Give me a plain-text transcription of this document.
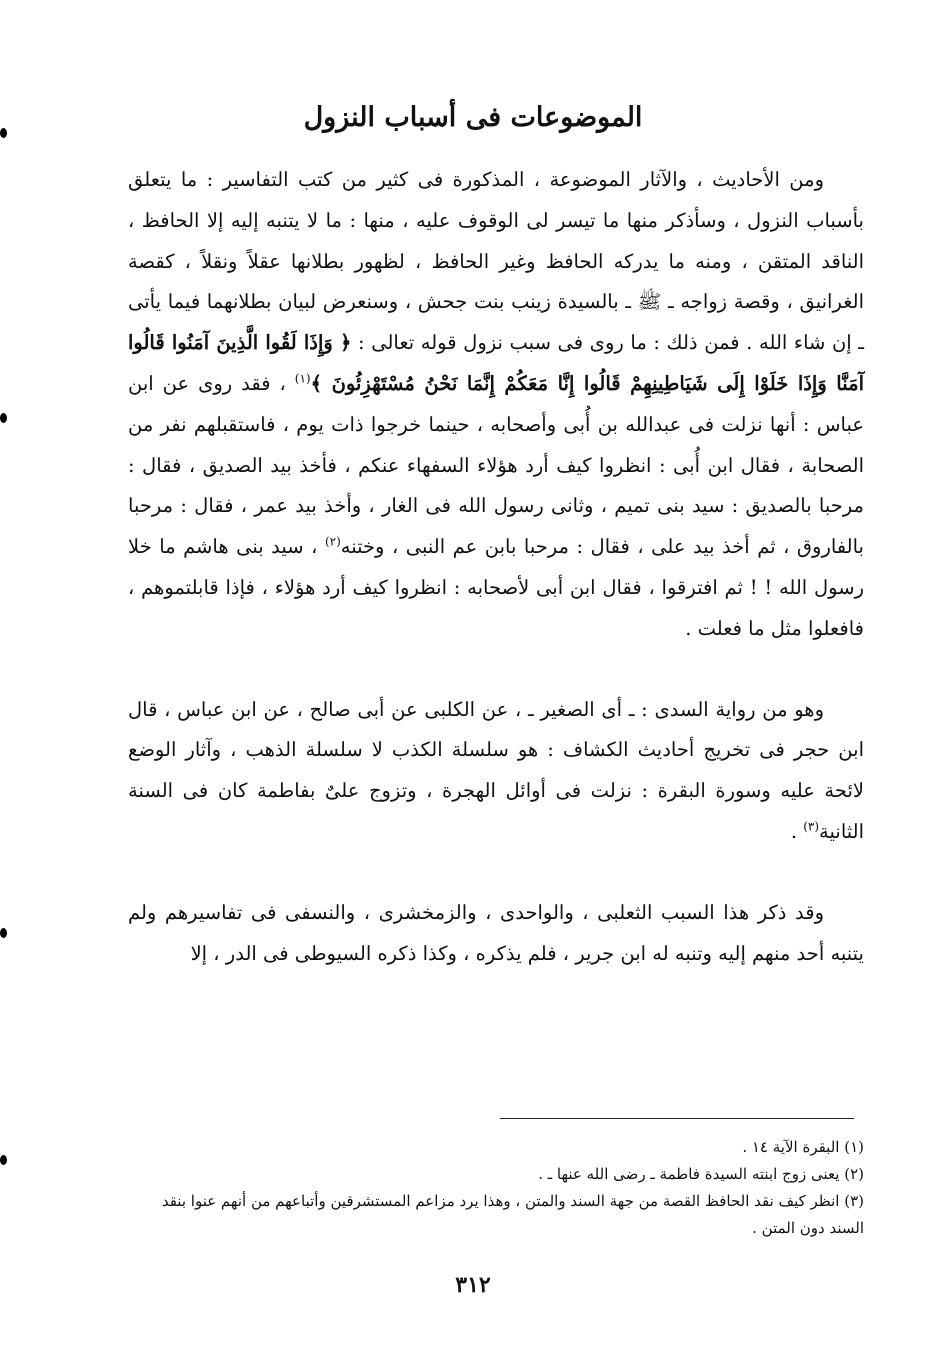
الموضوعات فى أسباب النزول

ومن الأحاديث ، والآثار الموضوعة ، المذكورة فى كثير من كتب التفاسير : ما يتعلق بأسباب النزول ، وسأذكر منها ما تيسر لى الوقوف عليه ، منها : ما لا يتنبه إليه إلا الحافظ ، الناقد المتقن ، ومنه ما يدركه الحافظ وغير الحافظ ، لظهور بطلانها عقلاً ونقلاً ، كقصة الغرانيق ، وقصة زواجه ـ ﷺ ـ بالسيدة زينب بنت جحش ، وسنعرض لبيان بطلانهما فيما يأتى ـ إن شاء الله . فمن ذلك : ما روى فى سبب نزول قوله تعالى : ﴿ وَإِذَا لَقُوا الَّذِينَ آمَنُوا قَالُوا آمَنَّا وَإِذَا خَلَوْا إِلَى شَيَاطِينِهِمْ قَالُوا إِنَّا مَعَكُمْ إِنَّمَا نَحْنُ مُسْتَهْزِئُونَ ﴾$^{(١)}$ ، فقد روى عن ابن عباس : أنها نزلت فى عبدالله بن أُبى وأصحابه ، حينما خرجوا ذات يوم ، فاستقبلهم نفر من الصحابة ، فقال ابن أُبى : انظروا كيف أرد هؤلاء السفهاء عنكم ، فأخذ بيد الصديق ، فقال : مرحبا بالصديق : سيد بنى تميم ، وثانى رسول الله فى الغار ، وأخذ بيد عمر ، فقال : مرحبا بالفاروق ، ثم أخذ بيد على ، فقال : مرحبا بابن عم النبى ، وختنه$^{(٢)}$ ، سيد بنى هاشم ما خلا رسول الله ! ! ثم افترقوا ، فقال ابن أبى لأصحابه : انظروا كيف أرد هؤلاء ، فإذا قابلتموهم ، فافعلوا مثل ما فعلت .

وهو من رواية السدى : ـ أى الصغير ـ ، عن الكلبى عن أبى صالح ، عن ابن عباس ، قال ابن حجر فى تخريج أحاديث الكشاف : هو سلسلة الكذب لا سلسلة الذهب ، وآثار الوضع لائحة عليه وسورة البقرة : نزلت فى أوائل الهجرة ، وتزوج علىٌ بفاطمة كان فى السنة الثانية$^{(٣)}$ .

وقد ذكر هذا السبب الثعلبى ، والواحدى ، والزمخشرى ، والنسفى فى تفاسيرهم ولم يتنبه أحد منهم إليه وتنبه له ابن جرير ، فلم يذكره ، وكذا ذكره السيوطى فى الدر ، إلا

(١) البقرة الآية ١٤ .

(٢) يعنى زوج ابنته السيدة فاطمة ـ رضى الله عنها ـ .

(٣) انظر كيف نقد الحافظ القصة من جهة السند والمتن ، وهذا يرد مزاعم المستشرقين وأتباعهم من أنهم عنوا بنقد السند دون المتن .

٣١٢
